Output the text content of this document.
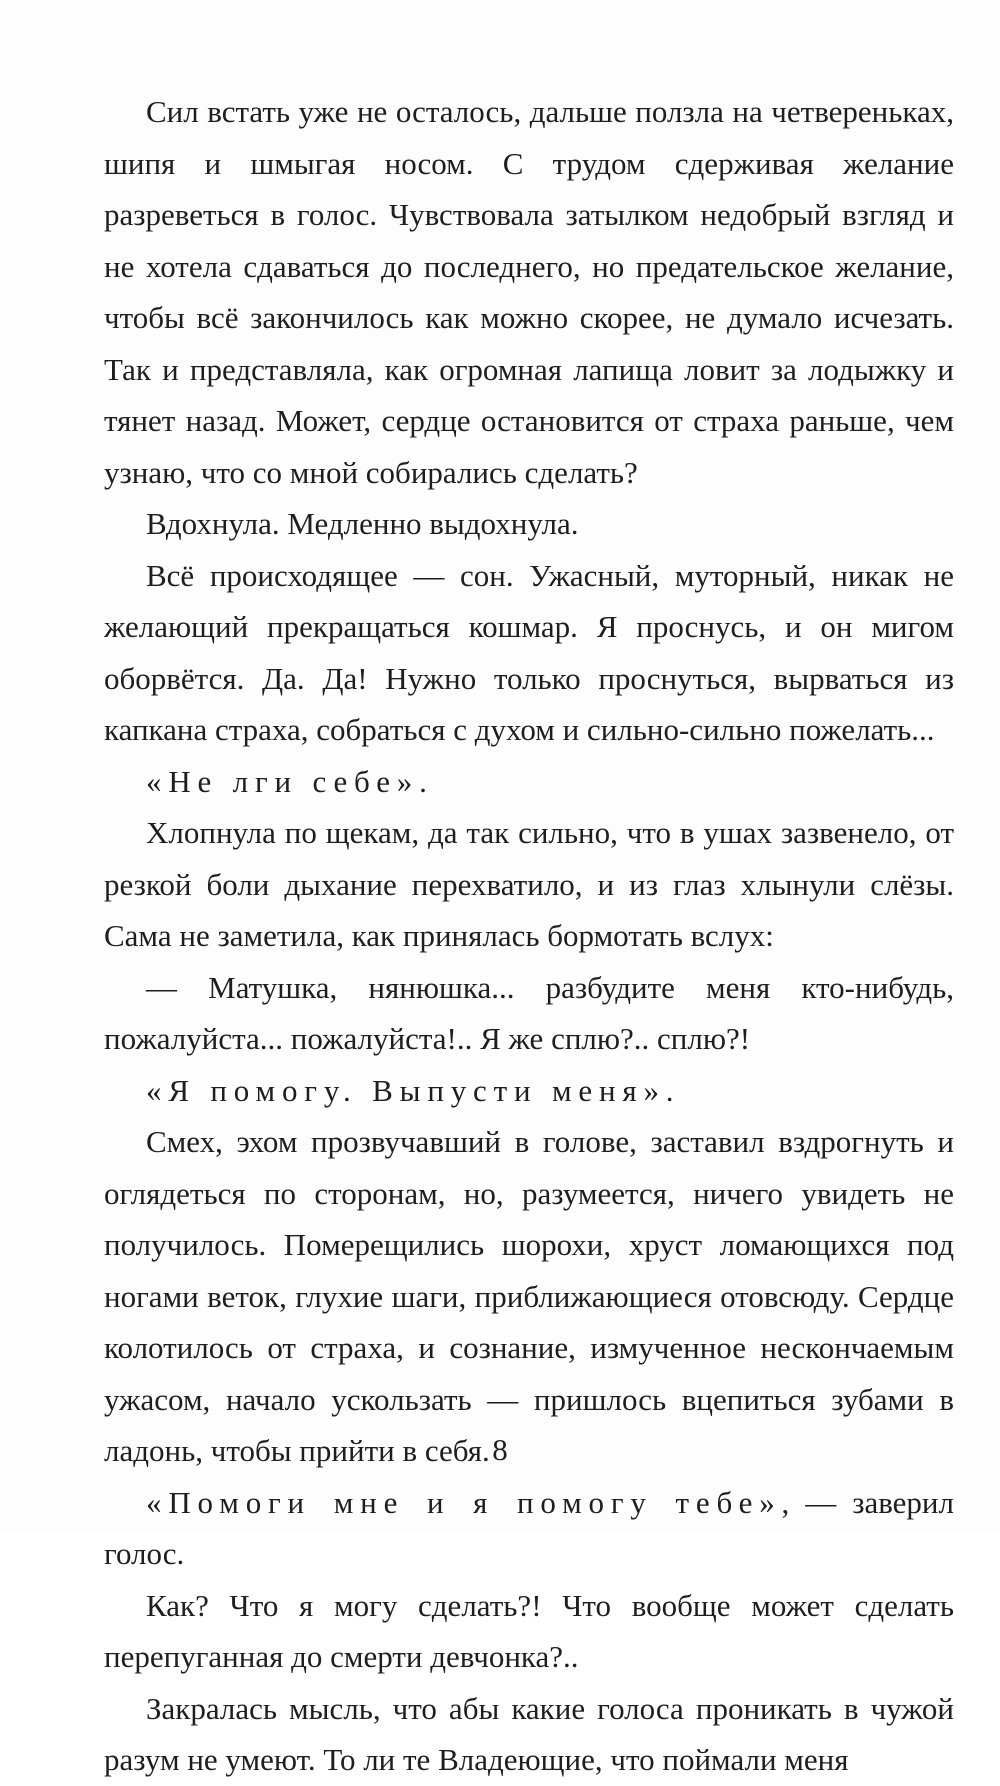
Сил встать уже не осталось, дальше ползла на четвереньках, шипя и шмыгая носом. С трудом сдерживая желание разреветься в голос. Чувствовала затылком недобрый взгляд и не хотела сдаваться до последнего, но предательское желание, чтобы всё закончилось как можно скорее, не думало исчезать. Так и представляла, как огромная лапища ловит за лодыжку и тянет назад. Может, сердце остановится от страха раньше, чем узнаю, что со мной собирались сделать?

Вдохнула. Медленно выдохнула.

Всё происходящее — сон. Ужасный, муторный, никак не желающий прекращаться кошмар. Я проснусь, и он мигом оборвётся. Да. Да! Нужно только проснуться, вырваться из капкана страха, собраться с духом и сильно-сильно пожелать...

«Не лги себе».

Хлопнула по щекам, да так сильно, что в ушах зазвенело, от резкой боли дыхание перехватило, и из глаз хлынули слёзы. Сама не заметила, как принялась бормотать вслух:

— Матушка, нянюшка... разбудите меня кто-нибудь, пожалуйста... пожалуйста!.. Я же сплю?.. сплю?!

«Я помогу. Выпусти меня».

Смех, эхом прозвучавший в голове, заставил вздрогнуть и оглядеться по сторонам, но, разумеется, ничего увидеть не получилось. Померещились шорохи, хруст ломающихся под ногами веток, глухие шаги, приближающиеся отовсюду. Сердце колотилось от страха, и сознание, измученное нескончаемым ужасом, начало ускользать — пришлось вцепиться зубами в ладонь, чтобы прийти в себя.

«Помоги мне и я помогу тебе», — заверил голос.

Как? Что я могу сделать?! Что вообще может сделать перепуганная до смерти девчонка?..

Закралась мысль, что абы какие голоса проникать в чужой разум не умеют. То ли те Владеющие, что поймали меня

8
